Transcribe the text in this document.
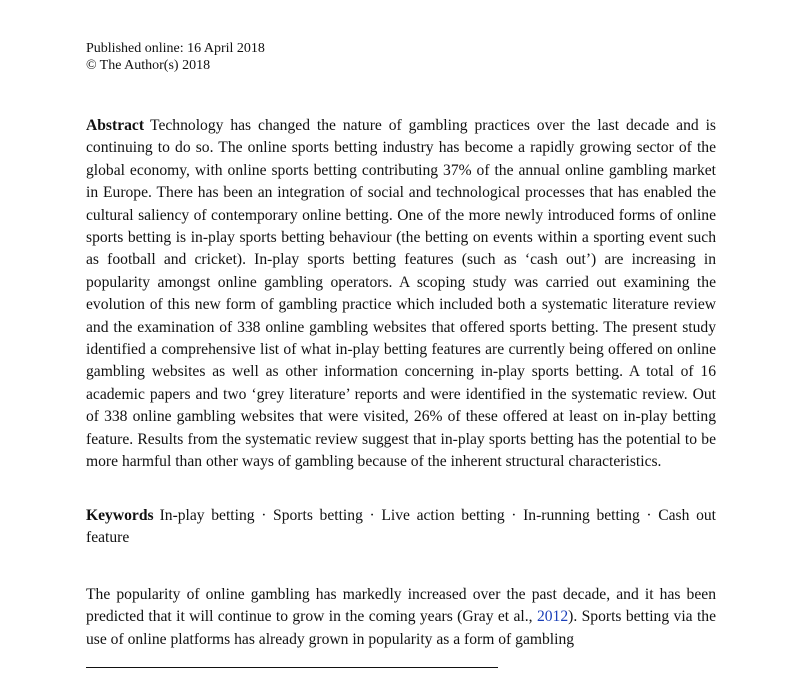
Published online: 16 April 2018
© The Author(s) 2018

Abstract Technology has changed the nature of gambling practices over the last decade and is continuing to do so. The online sports betting industry has become a rapidly growing sector of the global economy, with online sports betting contributing 37% of the annual online gambling market in Europe. There has been an integration of social and technological processes that has enabled the cultural saliency of contemporary online betting. One of the more newly introduced forms of online sports betting is in-play sports betting behaviour (the betting on events within a sporting event such as football and cricket). In-play sports betting features (such as ‘cash out’) are increasing in popularity amongst online gambling operators. A scoping study was carried out examining the evolution of this new form of gambling practice which included both a systematic literature review and the examination of 338 online gambling websites that offered sports betting. The present study identified a comprehensive list of what in-play betting features are currently being offered on online gambling websites as well as other information concerning in-play sports betting. A total of 16 academic papers and two ‘grey literature’ reports and were identified in the systematic review. Out of 338 online gambling websites that were visited, 26% of these offered at least on in-play betting feature. Results from the systematic review suggest that in-play sports betting has the potential to be more harmful than other ways of gambling because of the inherent structural characteristics.

Keywords In-play betting · Sports betting · Live action betting · In-running betting · Cash out feature

The popularity of online gambling has markedly increased over the past decade, and it has been predicted that it will continue to grow in the coming years (Gray et al., 2012). Sports betting via the use of online platforms has already grown in popularity as a form of gambling
